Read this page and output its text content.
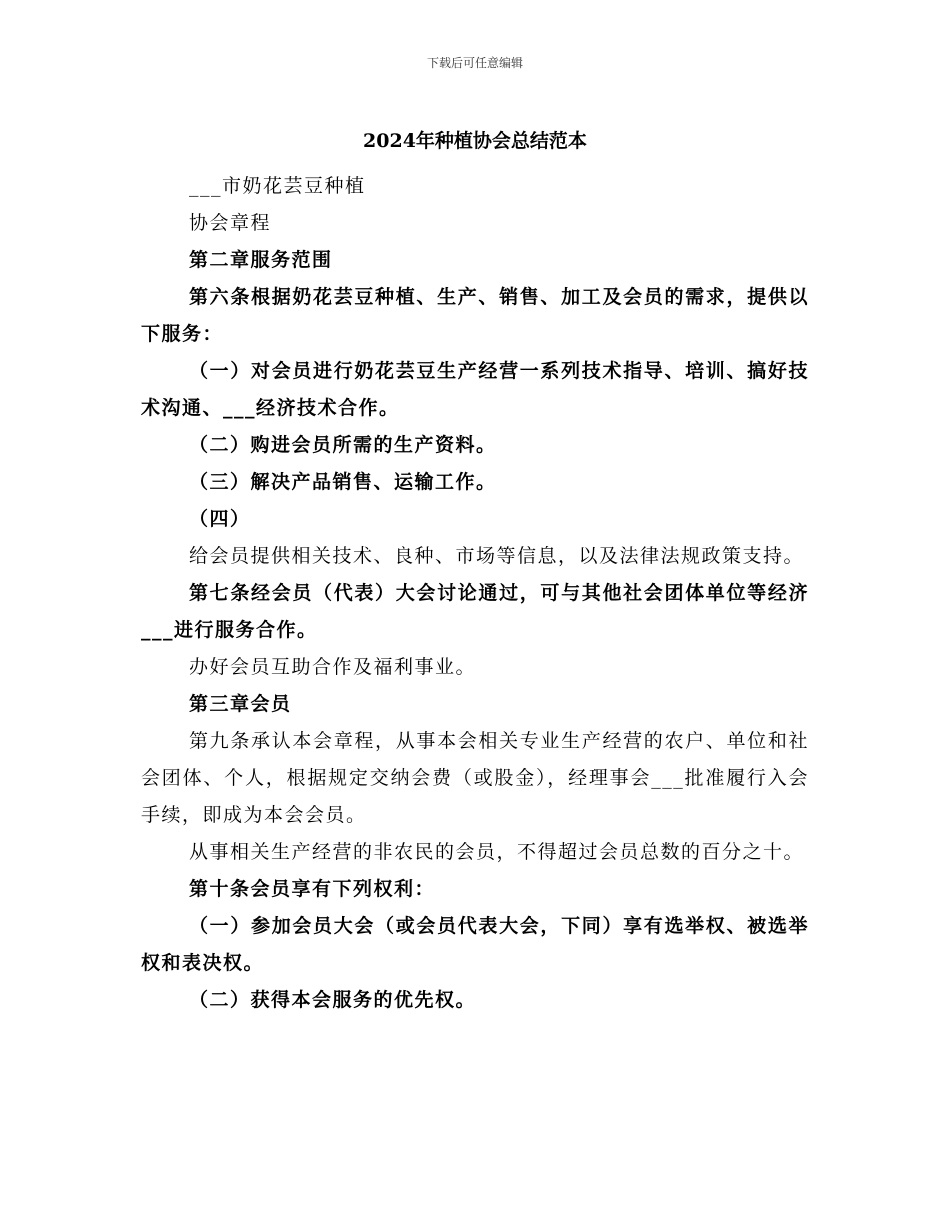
下载后可任意编辑
2024年种植协会总结范本

___市奶花芸豆种植

协会章程

第二章服务范围

第六条根据奶花芸豆种植、生产、销售、加工及会员的需求，提供以下服务：

（一）对会员进行奶花芸豆生产经营一系列技术指导、培训、搞好技术沟通、___经济技术合作。

（二）购进会员所需的生产资料。

（三）解决产品销售、运输工作。

（四）

给会员提供相关技术、良种、市场等信息，以及法律法规政策支持。

第七条经会员（代表）大会讨论通过，可与其他社会团体单位等经济___进行服务合作。

办好会员互助合作及福利事业。

第三章会员

第九条承认本会章程，从事本会相关专业生产经营的农户、单位和社会团体、个人，根据规定交纳会费（或股金），经理事会___批准履行入会手续，即成为本会会员。

从事相关生产经营的非农民的会员，不得超过会员总数的百分之十。

第十条会员享有下列权利：

（一）参加会员大会（或会员代表大会，下同）享有选举权、被选举权和表决权。

（二）获得本会服务的优先权。
